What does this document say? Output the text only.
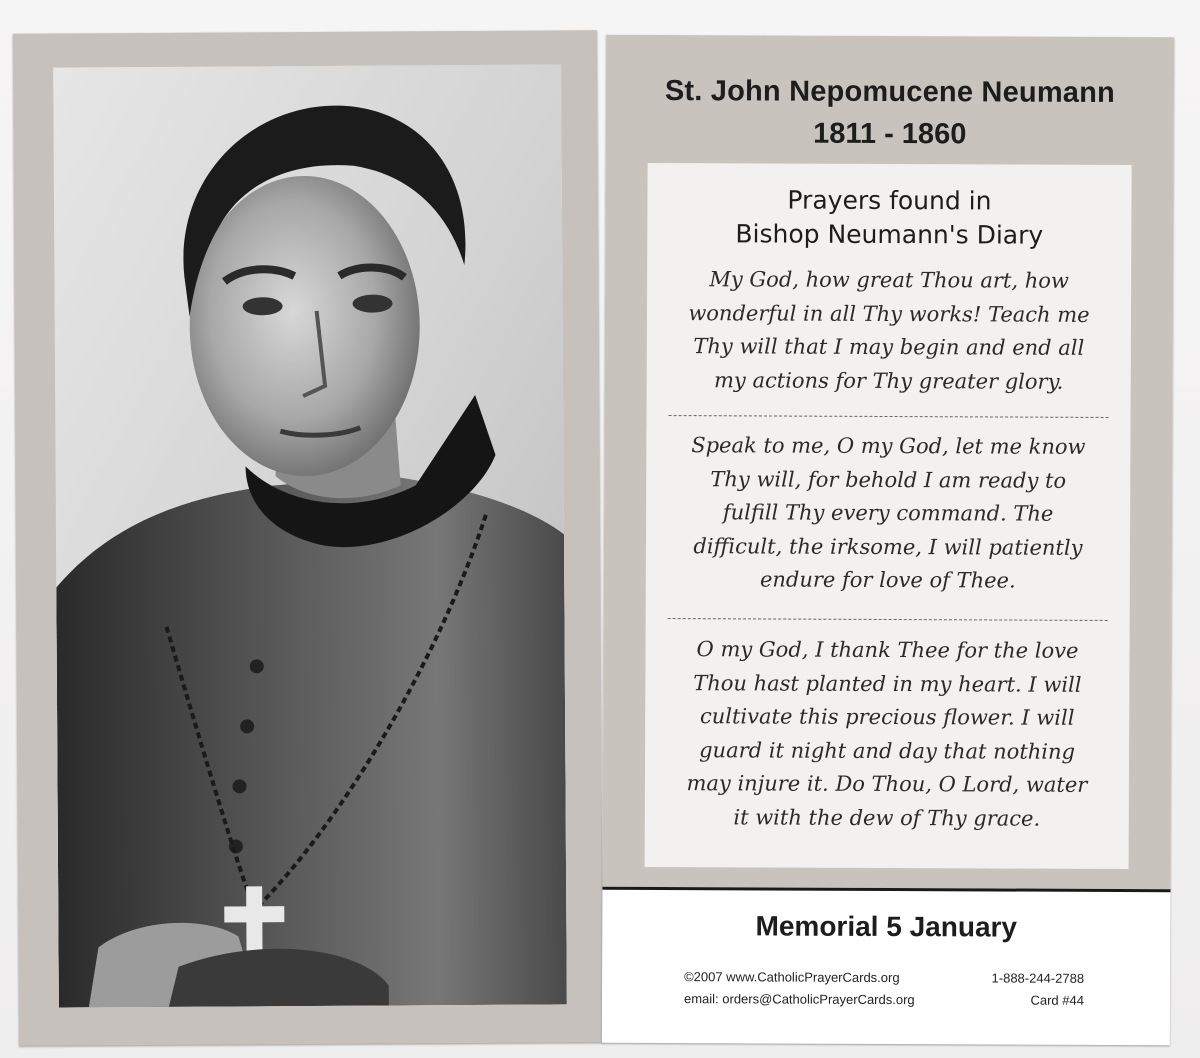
St. John Nepomucene Neumann
1811 - 1860
Prayers found in
Bishop Neumann's Diary
My God, how great Thou art, how
wonderful in all Thy works! Teach me
Thy will that I may begin and end all
my actions for Thy greater glory.
Speak to me, O my God, let me know
Thy will, for behold I am ready to
fulfill Thy every command. The
difficult, the irksome, I will patiently
endure for love of Thee.
O my God, I thank Thee for the love
Thou hast planted in my heart. I will
cultivate this precious flower. I will
guard it night and day that nothing
may injure it. Do Thou, O Lord, water
it with the dew of Thy grace.
Memorial 5 January
©2007 www.CatholicPrayerCards.org	1-888-244-2788
email: orders@CatholicPrayerCards.org	Card #44
